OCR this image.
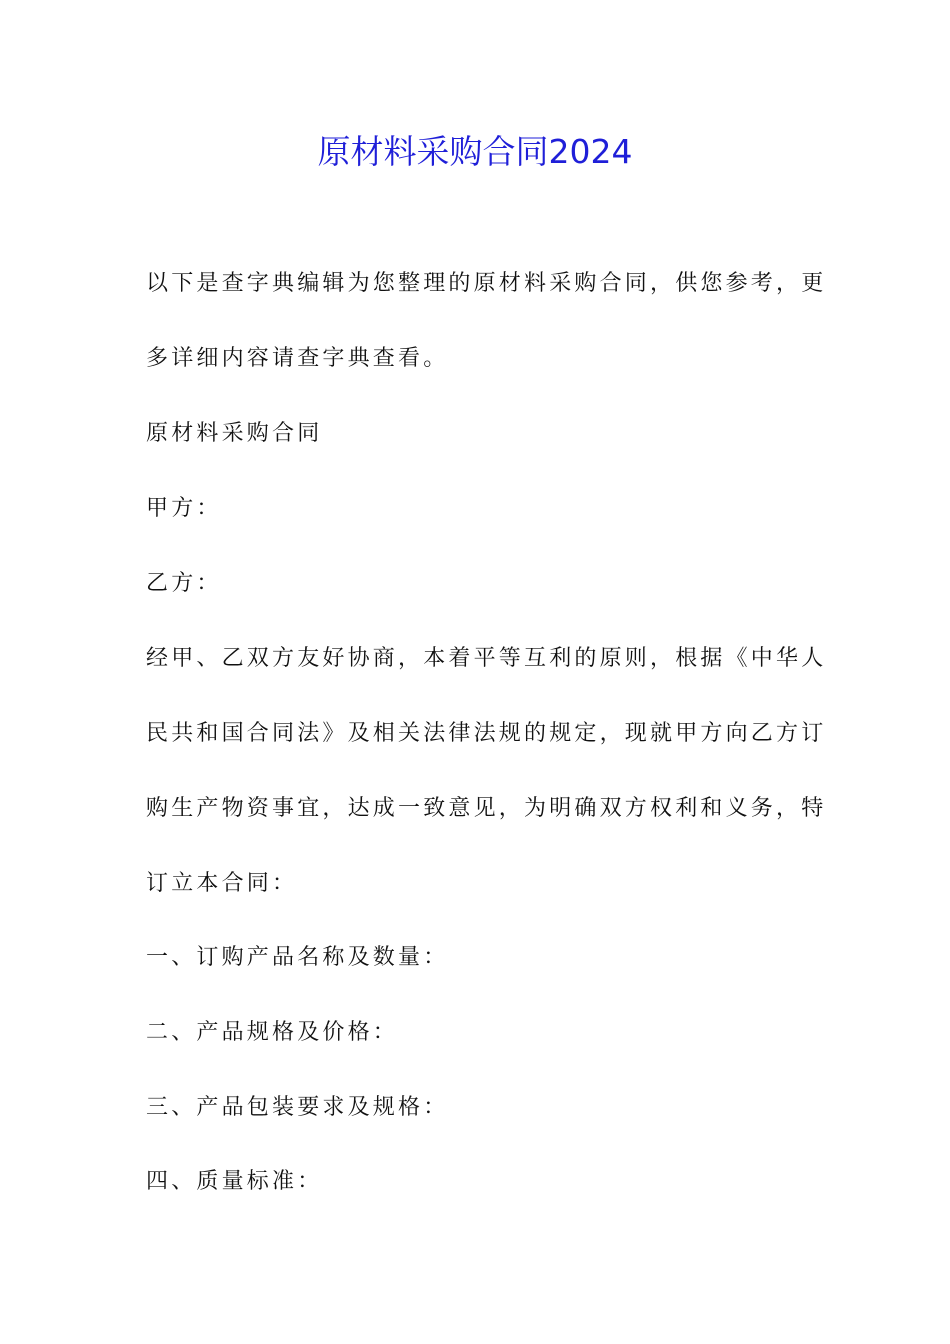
原材料采购合同2024
以下是查字典编辑为您整理的原材料采购合同，供您参考，更
多详细内容请查字典查看。
原材料采购合同
甲方：
乙方：
经甲、乙双方友好协商，本着平等互利的原则，根据《中华人
民共和国合同法》及相关法律法规的规定，现就甲方向乙方订
购生产物资事宜，达成一致意见，为明确双方权利和义务，特
订立本合同：
一、订购产品名称及数量：
二、产品规格及价格：
三、产品包装要求及规格：
四、质量标准：
